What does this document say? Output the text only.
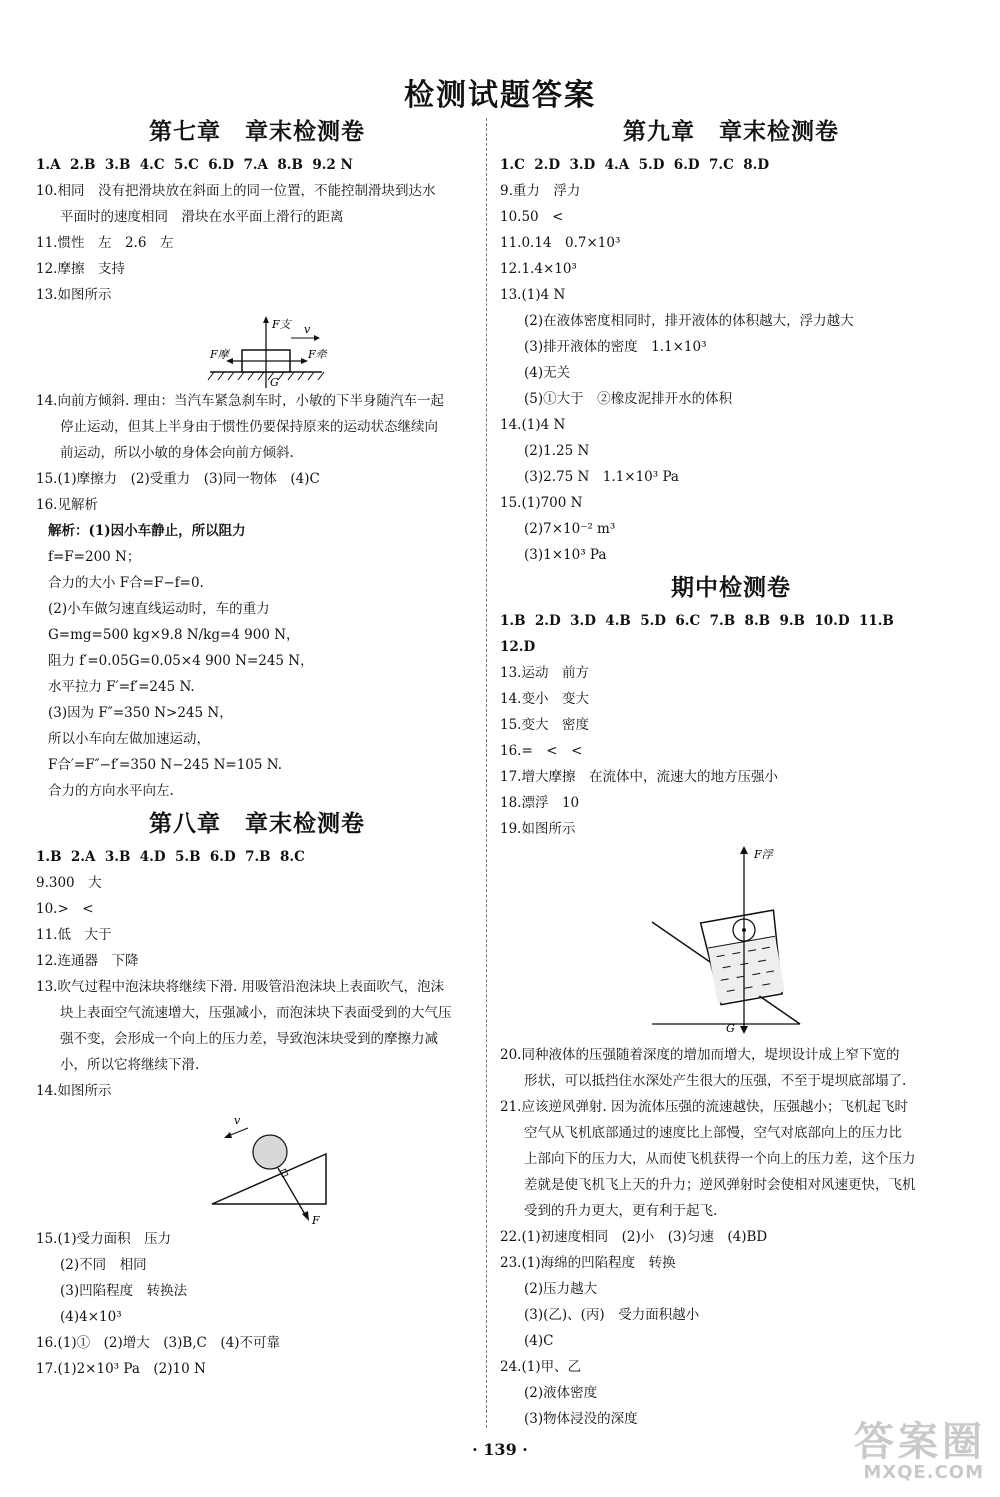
检测试题答案
第七章　章末检测卷
1.A  2.B  3.B  4.C  5.C  6.D  7.A  8.B  9.2 N
10.相同　没有把滑块放在斜面上的同一位置，不能控制滑块到达水
平面时的速度相同　滑块在水平面上滑行的距离
11.惯性　左　2.6　左
12.摩擦　支持
13.如图所示
F支 v
F摩	F牵
G
14.向前方倾斜. 理由：当汽车紧急刹车时，小敏的下半身随汽车一起
停止运动，但其上半身由于惯性仍要保持原来的运动状态继续向
前运动，所以小敏的身体会向前方倾斜.
15.(1)摩擦力　(2)受重力　(3)同一物体　(4)C
16.见解析
解析：(1)因小车静止，所以阻力
f=F=200 N；
合力的大小 F合=F−f=0.
(2)小车做匀速直线运动时，车的重力
G=mg=500 kg×9.8 N/kg=4 900 N，
阻力 f′=0.05G=0.05×4 900 N=245 N，
水平拉力 F′=f′=245 N.
(3)因为 F″=350 N>245 N，
所以小车向左做加速运动，
F合′=F″−f′=350 N−245 N=105 N.
合力的方向水平向左.
第八章　章末检测卷
1.B  2.A  3.B  4.D  5.B  6.D  7.B  8.C
9.300　大
10.>　<
11.低　大于
12.连通器　下降
13.吹气过程中泡沫块将继续下滑. 用吸管沿泡沫块上表面吹气，泡沫
块上表面空气流速增大，压强减小，而泡沫块下表面受到的大气压
强不变，会形成一个向上的压力差，导致泡沫块受到的摩擦力减
小，所以它将继续下滑.
14.如图所示
v
F
15.(1)受力面积　压力
(2)不同　相同
(3)凹陷程度　转换法
(4)4×10³
16.(1)①　(2)增大　(3)B,C　(4)不可靠
17.(1)2×10³ Pa　(2)10 N
第九章　章末检测卷
1.C  2.D  3.D  4.A  5.D  6.D  7.C  8.D
9.重力　浮力
10.50　<
11.0.14　0.7×10³
12.1.4×10³
13.(1)4 N
(2)在液体密度相同时，排开液体的体积越大，浮力越大
(3)排开液体的密度　1.1×10³
(4)无关
(5)①大于　②橡皮泥排开水的体积
14.(1)4 N
(2)1.25 N
(3)2.75 N　1.1×10³ Pa
15.(1)700 N
(2)7×10⁻² m³
(3)1×10³ Pa
期中检测卷
1.B  2.D  3.D  4.B  5.D  6.C  7.B  8.B  9.B  10.D  11.B
12.D
13.运动　前方
14.变小　变大
15.变大　密度
16.=　<　<
17.增大摩擦　在流体中，流速大的地方压强小
18.漂浮　10
19.如图所示
F浮
G
20.同种液体的压强随着深度的增加而增大，堤坝设计成上窄下宽的
形状，可以抵挡住水深处产生很大的压强，不至于堤坝底部塌了.
21.应该逆风弹射. 因为流体压强的流速越快，压强越小；飞机起飞时
空气从飞机底部通过的速度比上部慢，空气对底部向上的压力比
上部向下的压力大，从而使飞机获得一个向上的压力差，这个压力
差就是使飞机飞上天的升力；逆风弹射时会使相对风速更快，飞机
受到的升力更大，更有利于起飞.
22.(1)初速度相同　(2)小　(3)匀速　(4)BD
23.(1)海绵的凹陷程度　转换
(2)压力越大
(3)(乙)、(丙)　受力面积越小
(4)C
24.(1)甲、乙
(2)液体密度
(3)物体浸没的深度
· 139 ·	答案圈
MXQE.COM
